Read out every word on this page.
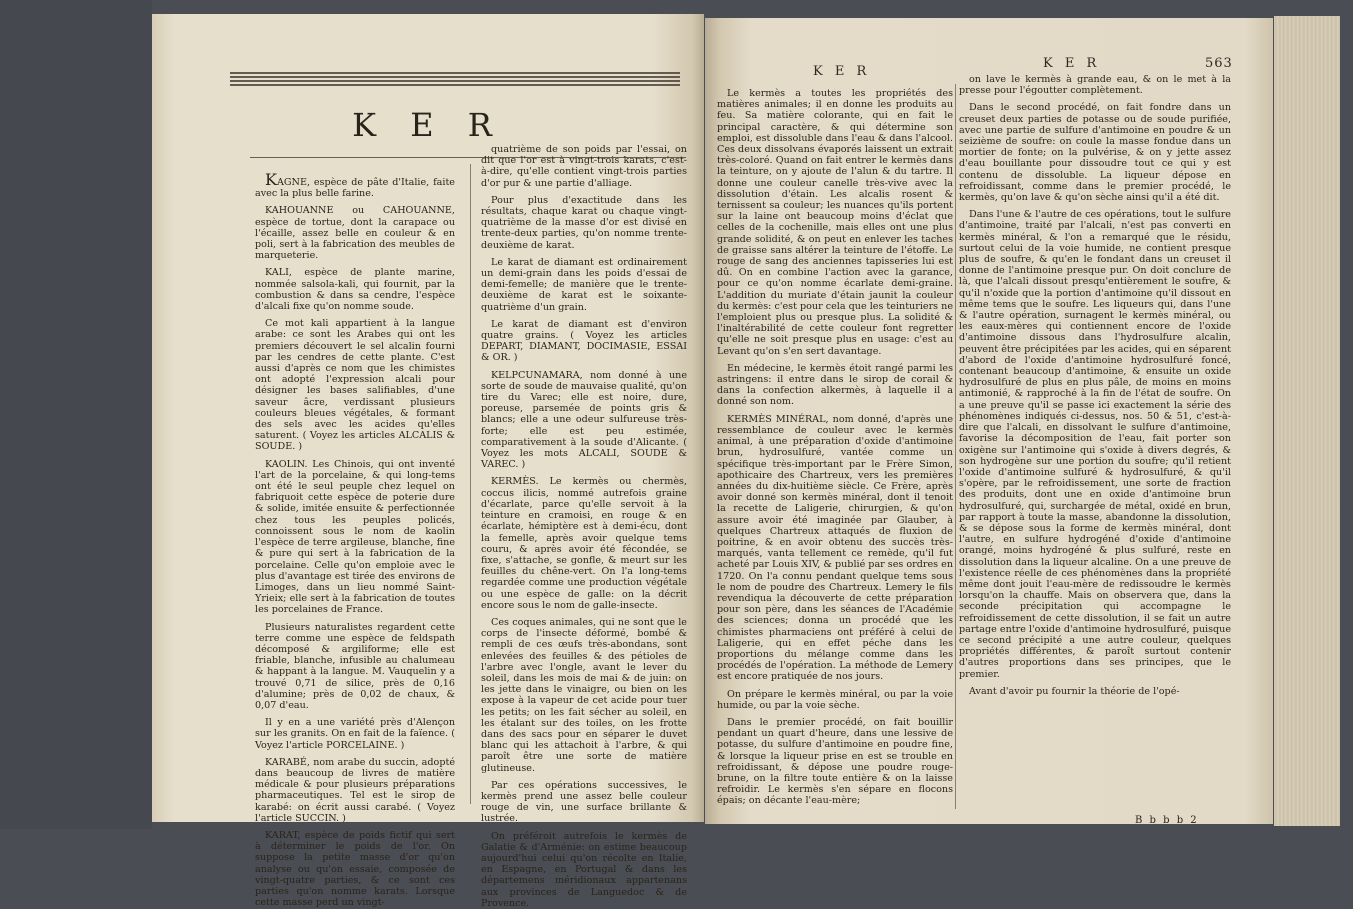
K E R

KAGNE, espèce de pâte d'Italie, faite avec la plus belle farine.

KAHOUANNE ou CAHOUANNE, espèce de tortue, dont la carapace ou l'écaille, assez belle en couleur & en poli, sert à la fabrication des meubles de marqueterie.

KALI, espèce de plante marine, nommée salsola-kali, qui fournit, par la combustion & dans sa cendre, l'espèce d'alcali fixe qu'on nomme soude.

Ce mot kali appartient à la langue arabe: ce sont les Arabes qui ont les premiers découvert le sel alcalin fourni par les cendres de cette plante. C'est aussi d'après ce nom que les chimistes ont adopté l'expression alcali pour désigner les bases salifiables, d'une saveur âcre, verdissant plusieurs couleurs bleues végétales, & formant des sels avec les acides qu'elles saturent. ( Voyez les articles ALCALIS & SOUDE. )

KAOLIN. Les Chinois, qui ont inventé l'art de la porcelaine, & qui long-tems ont été le seul peuple chez lequel on fabriquoit cette espèce de poterie dure & solide, imitée ensuite & perfectionnée chez tous les peuples policés, connoissent sous le nom de kaolin l'espèce de terre argileuse, blanche, fine & pure qui sert à la fabrication de la porcelaine. Celle qu'on emploie avec le plus d'avantage est tirée des environs de Limoges, dans un lieu nommé Saint-Yrieix; elle sert à la fabrication de toutes les porcelaines de France.

Plusieurs naturalistes regardent cette terre comme une espèce de feldspath décomposé & argiliforme; elle est friable, blanche, infusible au chalumeau & happant à la langue. M. Vauquelin y a trouvé 0,71 de silice, près de 0,16 d'alumine; près de 0,02 de chaux, & 0,07 d'eau.

Il y en a une variété près d'Alençon sur les granits. On en fait de la faïence. ( Voyez l'article PORCELAINE. )

KARABÉ, nom arabe du succin, adopté dans beaucoup de livres de matière médicale & pour plusieurs préparations pharmaceutiques. Tel est le sirop de karabé: on écrit aussi carabé. ( Voyez l'article SUCCIN. )

KARAT, espèce de poids fictif qui sert à déterminer le poids de l'or. On suppose la petite masse d'or qu'on analyse ou qu'on essaie, composée de vingt-quatre parties, & ce sont ces parties qu'on nomme karats. Lorsque cette masse perd un vingt-

quatrième de son poids par l'essai, on dit que l'or est à vingt-trois karats, c'est-à-dire, qu'elle contient vingt-trois parties d'or pur & une partie d'alliage.

Pour plus d'exactitude dans les résultats, chaque karat ou chaque vingt-quatrième de la masse d'or est divisé en trente-deux parties, qu'on nomme trente-deuxième de karat.

Le karat de diamant est ordinairement un demi-grain dans les poids d'essai de demi-femelle; de manière que le trente-deuxième de karat est le soixante-quatrième d'un grain.

Le karat de diamant est d'environ quatre grains. ( Voyez les articles DEPART, DIAMANT, DOCIMASIE, ESSAI & OR. )

KELPCUNAMARA, nom donné à une sorte de soude de mauvaise qualité, qu'on tire du Varec; elle est noire, dure, poreuse, parsemée de points gris & blancs; elle a une odeur sulfureuse très-forte; elle est peu estimée, comparativement à la soude d'Alicante. ( Voyez les mots ALCALI, SOUDE & VAREC. )

KERMÈS. Le kermès ou chermès, coccus ilicis, nommé autrefois graine d'écarlate, parce qu'elle servoit à la teinture en cramoisi, en rouge & en écarlate, hémiptère est à demi-écu, dont la femelle, après avoir quelque tems couru, & après avoir été fécondée, se fixe, s'attache, se gonfle, & meurt sur les feuilles du chêne-vert. On l'a long-tems regardée comme une production végétale ou une espèce de galle: on la décrit encore sous le nom de galle-insecte.

Ces coques animales, qui ne sont que le corps de l'insecte déformé, bombé & rempli de ces œufs très-abondans, sont enlevées des feuilles & des pétioles de l'arbre avec l'ongle, avant le lever du soleil, dans les mois de mai & de juin: on les jette dans le vinaigre, ou bien on les expose à la vapeur de cet acide pour tuer les petits; on les fait sécher au soleil, en les étalant sur des toiles, on les frotte dans des sacs pour en séparer le duvet blanc qui les attachoit à l'arbre, & qui paroît être une sorte de matière glutineuse.

Par ces opérations successives, le kermès prend une assez belle couleur rouge de vin, une surface brillante & lustrée.

On préféroit autrefois le kermès de Galatie & d'Arménie: on estime beaucoup aujourd'hui celui qu'on récolte en Italie, en Espagne, en Portugal & dans les départemens méridionaux appartenans aux provinces de Languedoc & de Provence.

K E R
K E R	563

Le kermès a toutes les propriétés des matières animales; il en donne les produits au feu. Sa matière colorante, qui en fait le principal caractère, & qui détermine son emploi, est dissoluble dans l'eau & dans l'alcool. Ces deux dissolvans évaporés laissent un extrait très-coloré. Quand on fait entrer le kermès dans la teinture, on y ajoute de l'alun & du tartre. Il donne une couleur canelle très-vive avec la dissolution d'étain. Les alcalis rosent & ternissent sa couleur; les nuances qu'ils portent sur la laine ont beaucoup moins d'éclat que celles de la cochenille, mais elles ont une plus grande solidité, & on peut en enlever les taches de graisse sans altérer la teinture de l'étoffe. Le rouge de sang des anciennes tapisseries lui est dû. On en combine l'action avec la garance, pour ce qu'on nomme écarlate demi-graine. L'addition du muriate d'étain jaunit la couleur du kermès: c'est pour cela que les teinturiers ne l'emploient plus ou presque plus. La solidité & l'inaltérabilité de cette couleur font regretter qu'elle ne soit presque plus en usage: c'est au Levant qu'on s'en sert davantage.

En médecine, le kermès étoit rangé parmi les astringens: il entre dans le sirop de corail & dans la confection alkermès, à laquelle il a donné son nom.

KERMÈS MINÉRAL, nom donné, d'après une ressemblance de couleur avec le kermès animal, à une préparation d'oxide d'antimoine brun, hydrosulfuré, vantée comme un spécifique très-important par le Frère Simon, apothicaire des Chartreux, vers les premières années du dix-huitième siècle. Ce Frère, après avoir donné son kermès minéral, dont il tenoit la recette de Laligerie, chirurgien, & qu'on assure avoir été imaginée par Glauber, à quelques Chartreux attaqués de fluxion de poitrine, & en avoir obtenu des succès très-marqués, vanta tellement ce remède, qu'il fut acheté par Louis XIV, & publié par ses ordres en 1720. On l'a connu pendant quelque tems sous le nom de poudre des Chartreux. Lemery le fils revendiqua la découverte de cette préparation pour son père, dans les séances de l'Académie des sciences; donna un procédé que les chimistes pharmaciens ont préféré à celui de Laligerie, qui en effet péche dans les proportions du mélange comme dans les procédés de l'opération. La méthode de Lemery est encore pratiquée de nos jours.

On prépare le kermès minéral, ou par la voie humide, ou par la voie sèche.

Dans le premier procédé, on fait bouillir pendant un quart d'heure, dans une lessive de potasse, du sulfure d'antimoine en poudre fine, & lorsque la liqueur prise en est se trouble en refroidissant, & dépose une poudre rouge-brune, on la filtre toute entière & on la laisse refroidir. Le kermès s'en sépare en flocons épais; on décante l'eau-mère;

on lave le kermès à grande eau, & on le met à la presse pour l'égoutter complètement.

Dans le second procédé, on fait fondre dans un creuset deux parties de potasse ou de soude purifiée, avec une partie de sulfure d'antimoine en poudre & un seizième de soufre: on coule la masse fondue dans un mortier de fonte; on la pulvérise, & on y jette assez d'eau bouillante pour dissoudre tout ce qui y est contenu de dissoluble. La liqueur dépose en refroidissant, comme dans le premier procédé, le kermès, qu'on lave & qu'on sèche ainsi qu'il a été dit.

Dans l'une & l'autre de ces opérations, tout le sulfure d'antimoine, traité par l'alcali, n'est pas converti en kermès minéral, & l'on a remarqué que le résidu, surtout celui de la voie humide, ne contient presque plus de soufre, & qu'en le fondant dans un creuset il donne de l'antimoine presque pur. On doit conclure de là, que l'alcali dissout presqu'entièrement le soufre, & qu'il n'oxide que la portion d'antimoine qu'il dissout en même tems que le soufre. Les liqueurs qui, dans l'une & l'autre opération, surnagent le kermès minéral, ou les eaux-mères qui contiennent encore de l'oxide d'antimoine dissous dans l'hydrosulfure alcalin, peuvent être précipitées par les acides, qui en séparent d'abord de l'oxide d'antimoine hydrosulfuré foncé, contenant beaucoup d'antimoine, & ensuite un oxide hydrosulfuré de plus en plus pâle, de moins en moins antimonié, & rapproché à la fin de l'état de soufre. On a une preuve qu'il se passe ici exactement la série des phénomènes indiqués ci-dessus, nos. 50 & 51, c'est-à-dire que l'alcali, en dissolvant le sulfure d'antimoine, favorise la décomposition de l'eau, fait porter son oxigène sur l'antimoine qui s'oxide à divers degrés, & son hydrogène sur une portion du soufre; qu'il retient l'oxide d'antimoine sulfuré & hydrosulfuré, & qu'il s'opère, par le refroidissement, une sorte de fraction des produits, dont une en oxide d'antimoine brun hydrosulfuré, qui, surchargée de métal, oxidé en brun, par rapport à toute la masse, abandonne la dissolution, & se dépose sous la forme de kermès minéral, dont l'autre, en sulfure hydrogéné d'oxide d'antimoine orangé, moins hydrogéné & plus sulfuré, reste en dissolution dans la liqueur alcaline. On a une preuve de l'existence réelle de ces phénomènes dans la propriété même dont jouit l'eau-mère de redissoudre le kermès lorsqu'on la chauffe. Mais on observera que, dans la seconde précipitation qui accompagne le refroidissement de cette dissolution, il se fait un autre partage entre l'oxide d'antimoine hydrosulfuré, puisque ce second précipité a une autre couleur, quelques propriétés différentes, & paroît surtout contenir d'autres proportions dans ses principes, que le premier.

Avant d'avoir pu fournir la théorie de l'opé-

B b b b 2
